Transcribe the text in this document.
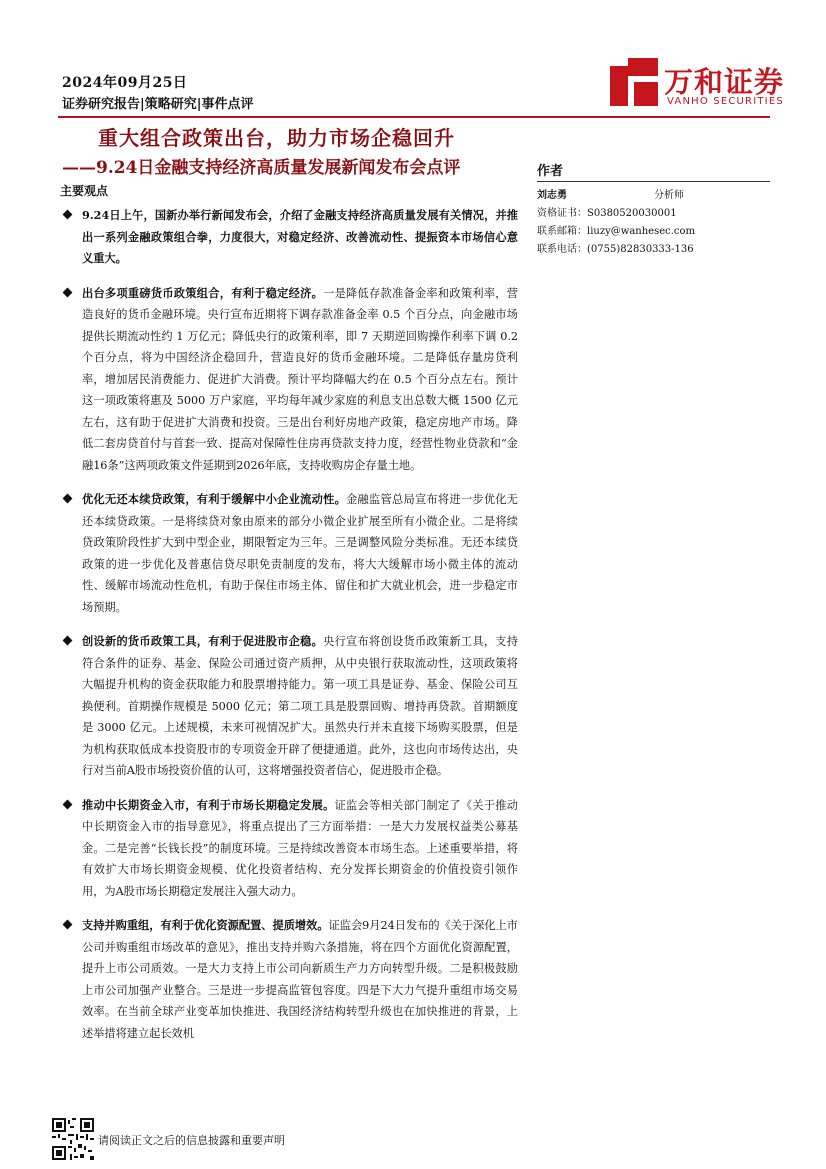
2024年09月25日
证券研究报告|策略研究|事件点评
万和证券
VANHO SECURITIES
重大组合政策出台，助力市场企稳回升
——9.24日金融支持经济高质量发展新闻发布会点评
主要观点
作者
刘志勇	分析师
资格证书：S0380520030001
联系邮箱：liuzy@wanhesec.com
联系电话：(0755)82830333-136
9.24日上午，国新办举行新闻发布会，介绍了金融支持经济高质量发展有关情况，并推出一系列金融政策组合拳，力度很大，对稳定经济、改善流动性、提振资本市场信心意义重大。
出台多项重磅货币政策组合，有利于稳定经济。一是降低存款准备金率和政策利率，营造良好的货币金融环境。央行宣布近期将下调存款准备金率 0.5 个百分点，向金融市场提供长期流动性约 1 万亿元；降低央行的政策利率，即 7 天期逆回购操作利率下调 0.2 个百分点，将为中国经济企稳回升，营造良好的货币金融环境。二是降低存量房贷利率，增加居民消费能力、促进扩大消费。预计平均降幅大约在 0.5 个百分点左右。预计这一项政策将惠及 5000 万户家庭，平均每年减少家庭的利息支出总数大概 1500 亿元左右，这有助于促进扩大消费和投资。三是出台利好房地产政策，稳定房地产市场。降低二套房贷首付与首套一致、提高对保障性住房再贷款支持力度，经营性物业贷款和“金融16条”这两项政策文件延期到2026年底，支持收购房企存量土地。
优化无还本续贷政策，有利于缓解中小企业流动性。金融监管总局宣布将进一步优化无还本续贷政策。一是将续贷对象由原来的部分小微企业扩展至所有小微企业。二是将续贷政策阶段性扩大到中型企业，期限暂定为三年。三是调整风险分类标准。无还本续贷政策的进一步优化及普惠信贷尽职免责制度的发布，将大大缓解市场小微主体的流动性、缓解市场流动性危机，有助于保住市场主体、留住和扩大就业机会，进一步稳定市场预期。
创设新的货币政策工具，有利于促进股市企稳。央行宣布将创设货币政策新工具，支持符合条件的证券、基金、保险公司通过资产质押，从中央银行获取流动性，这项政策将大幅提升机构的资金获取能力和股票增持能力。第一项工具是证券、基金、保险公司互换便利。首期操作规模是 5000 亿元；第二项工具是股票回购、增持再贷款。首期额度是 3000 亿元。上述规模，未来可视情况扩大。虽然央行并未直接下场购买股票，但是为机构获取低成本投资股市的专项资金开辟了便捷通道。此外，这也向市场传达出，央行对当前A股市场投资价值的认可，这将增强投资者信心，促进股市企稳。
推动中长期资金入市，有利于市场长期稳定发展。证监会等相关部门制定了《关于推动中长期资金入市的指导意见》，将重点提出了三方面举措：一是大力发展权益类公募基金。二是完善“长钱长投”的制度环境。三是持续改善资本市场生态。上述重要举措，将有效扩大市场长期资金规模、优化投资者结构、充分发挥长期资金的价值投资引领作用，为A股市场长期稳定发展注入强大动力。
支持并购重组，有利于优化资源配置、提质增效。证监会9月24日发布的《关于深化上市公司并购重组市场改革的意见》，推出支持并购六条措施，将在四个方面优化资源配置，提升上市公司质效。一是大力支持上市公司向新质生产力方向转型升级。二是积极鼓励上市公司加强产业整合。三是进一步提高监管包容度。四是下大力气提升重组市场交易效率。在当前全球产业变革加快推进、我国经济结构转型升级也在加快推进的背景，上述举措将建立起长效机
请阅读正文之后的信息披露和重要声明
